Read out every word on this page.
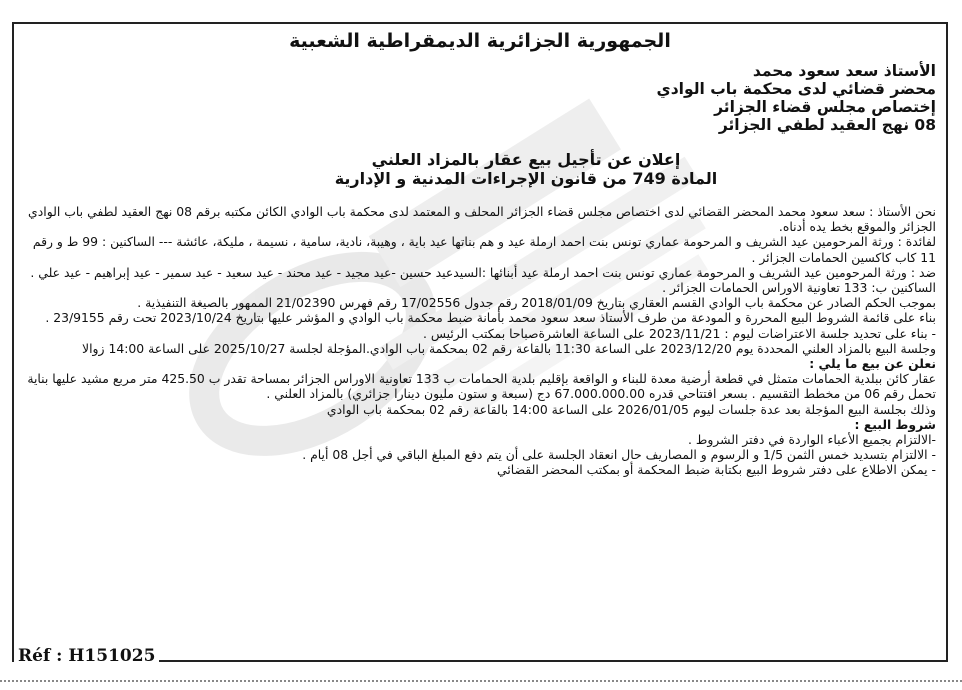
الجمهورية الجزائرية الديمقراطية الشعبية
الأستاذ سعد سعود محمد
محضر قضائي لدى محكمة باب الوادي
إختصاص مجلس قضاء الجزائر
08 نهج العقيد لطفي الجزائر
إعلان عن تأجيل بيع عقار بالمزاد العلني
المادة 749 من قانون الإجراءات المدنية و الإدارية

نحن الأستاذ : سعد سعود محمد المحضر القضائي لدى اختصاص مجلس قضاء الجزائر المحلف و المعتمد لدى محكمة باب الوادي الكائن مكتبه برقم 08 نهج العقيد لطفي باب الوادي الجزائر والموقع بخط يده أدناه.

لفائدة : ورثة المرحومين عيد الشريف و المرحومة عماري تونس بنت احمد ارملة عيد و هم بناتها عيد باية ، وهيبة، نادية، سامية ، نسيمة ، مليكة، عائشة --- الساكنين : 99 ط و رقم 11 كاب كاكسين الحمامات الجزائر .

ضد : ورثة المرحومين عيد الشريف و المرحومة عماري تونس بنت احمد ارملة عيد أبنائها :السيدعيد حسين -عيد مجيد - عيد محند - عيد سعيد - عيد سمير - عيد إبراهيم - عيد علي .

الساكنين ب: 133 تعاونية الاوراس الحمامات الجزائر .

بموجب الحكم الصادر عن محكمة باب الوادي القسم العقاري بتاريخ 2018/01/09 رقم جدول 17/02556 رقم فهرس 21/02390 الممهور بالصيغة التنفيذية .

بناء على قائمة الشروط البيع المحررة و المودعة من طرف الأستاذ سعد سعود محمد بأمانة ضبط محكمة باب الوادي و المؤشر عليها بتاريخ 2023/10/24 تحت رقم 23/9155 .

- بناء على تحديد جلسة الاعتراضات ليوم : 2023/11/21 على الساعة العاشرةصباحا بمكتب الرئيس .

وجلسة البيع بالمزاد العلني المحددة يوم 2023/12/20 على الساعة 11:30 بالقاعة رقم 02 بمحكمة باب الوادي.المؤجلة لجلسة 2025/10/27 على الساعة 14:00 زوالا

نعلن عن بيع ما يلي :

عقار كائن ببلدية الحمامات متمثل في قطعة أرضية معدة للبناء و الواقعة بإقليم بلدية الحمامات ب 133 تعاونية الاوراس الجزائر بمساحة تقدر ب 425.50 متر مربع مشيد عليها بناية تحمل رقم 06 من مخطط التقسيم . بسعر افتتاحي قدره 67.000.000.00 دج (سبعة و ستون مليون دينارا جزائري) بالمزاد العلني .

وذلك بجلسة البيع المؤجلة بعد عدة جلسات ليوم 2026/01/05 على الساعة 14:00 بالقاعة رقم 02 بمحكمة باب الوادي

شروط البيع :

-الالتزام بجميع الأعباء الواردة في دفتر الشروط .

- الالتزام بتسديد خمس الثمن 1/5 و الرسوم و المصاريف حال انعقاد الجلسة على أن يتم دفع المبلغ الباقي في أجل 08 أيام .

- يمكن الاطلاع على دفتر شروط البيع بكتابة ضبط المحكمة أو بمكتب المحضر القضائي

Réf : H151025
